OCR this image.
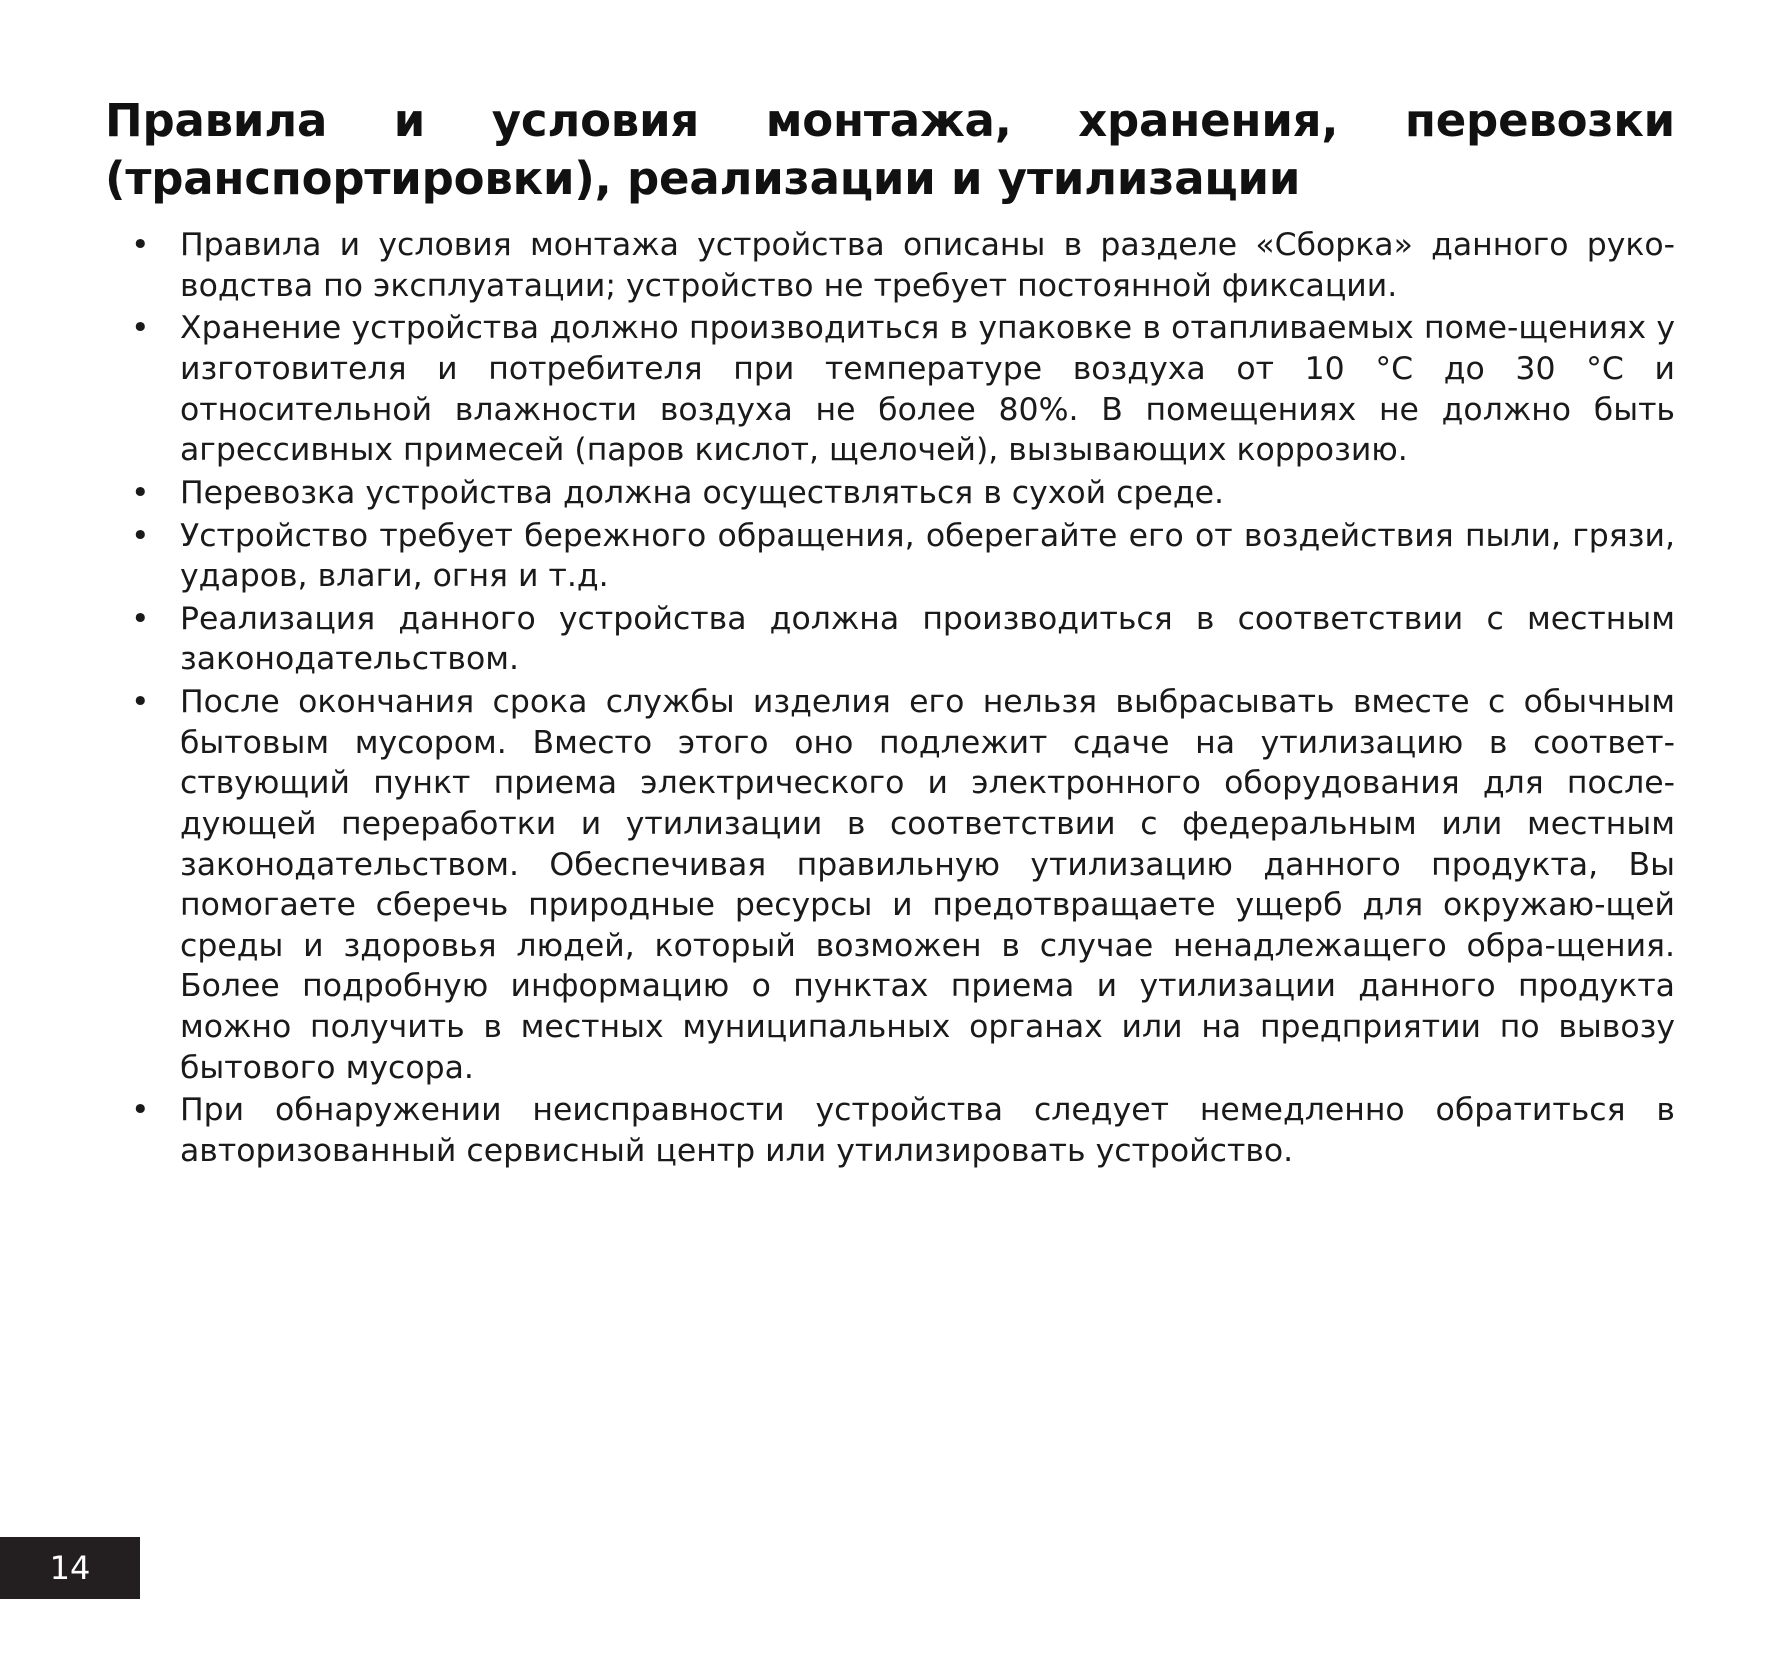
Правила и условия монтажа, хранения, перевозки (транспортировки), реализации и утилизации
• Правила и условия монтажа устройства описаны в разделе «Сборка» данного руко-водства по эксплуатации; устройство не требует постоянной фиксации.
• Хранение устройства должно производиться в упаковке в отапливаемых поме-щениях у изготовителя и потребителя при температуре воздуха от 10 °C до 30 °C и относительной влажности воздуха не более 80%. В помещениях не должно быть агрессивных примесей (паров кислот, щелочей), вызывающих коррозию.
• Перевозка устройства должна осуществляться в сухой среде.
• Устройство требует бережного обращения, оберегайте его от воздействия пыли, грязи, ударов, влаги, огня и т.д.
• Реализация данного устройства должна производиться в соответствии с местным законодательством.
• После окончания срока службы изделия его нельзя выбрасывать вместе с обычным бытовым мусором. Вместо этого оно подлежит сдаче на утилизацию в соответ-ствующий пункт приема электрического и электронного оборудования для после-дующей переработки и утилизации в соответствии с федеральным или местным законодательством. Обеспечивая правильную утилизацию данного продукта, Вы помогаете сберечь природные ресурсы и предотвращаете ущерб для окружаю-щей среды и здоровья людей, который возможен в случае ненадлежащего обра-щения. Более подробную информацию о пунктах приема и утилизации данного продукта можно получить в местных муниципальных органах или на предприятии по вывозу бытового мусора.
• При обнаружении неисправности устройства следует немедленно обратиться в авторизованный сервисный центр или утилизировать устройство.
14
